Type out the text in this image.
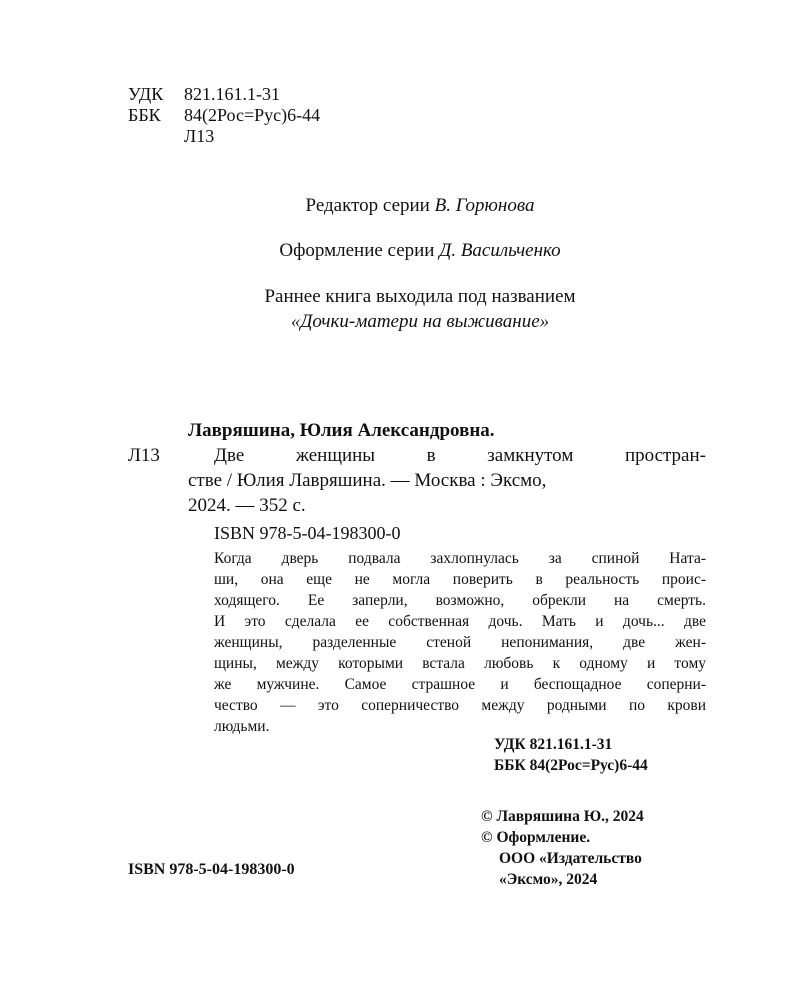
УДК 821.161.1-31
ББК 84(2Рос=Рус)6-44
Л13
Редактор серии В. Горюнова
Оформление серии Д. Васильченко
Раннее книга выходила под названием
«Дочки-матери на выживание»
Лавряшина, Юлия Александровна.
Л13	Две женщины в замкнутом простран-
стве / Юлия Лавряшина. — Москва : Эксмо,
2024. — 352 с.
ISBN 978-5-04-198300-0
Когда дверь подвала захлопнулась за спиной Ната-
ши, она еще не могла поверить в реальность проис-
ходящего. Ее заперли, возможно, обрекли на смерть.
И это сделала ее собственная дочь. Мать и дочь... две
женщины, разделенные стеной непонимания, две жен-
щины, между которыми встала любовь к одному и тому
же мужчине. Самое страшное и беспощадное соперни-
чество — это соперничество между родными по крови
людьми.
УДК 821.161.1-31
ББК 84(2Рос=Рус)6-44
© Лавряшина Ю., 2024
© Оформление.
ООО «Издательство
«Эксмо», 2024
ISBN 978-5-04-198300-0
